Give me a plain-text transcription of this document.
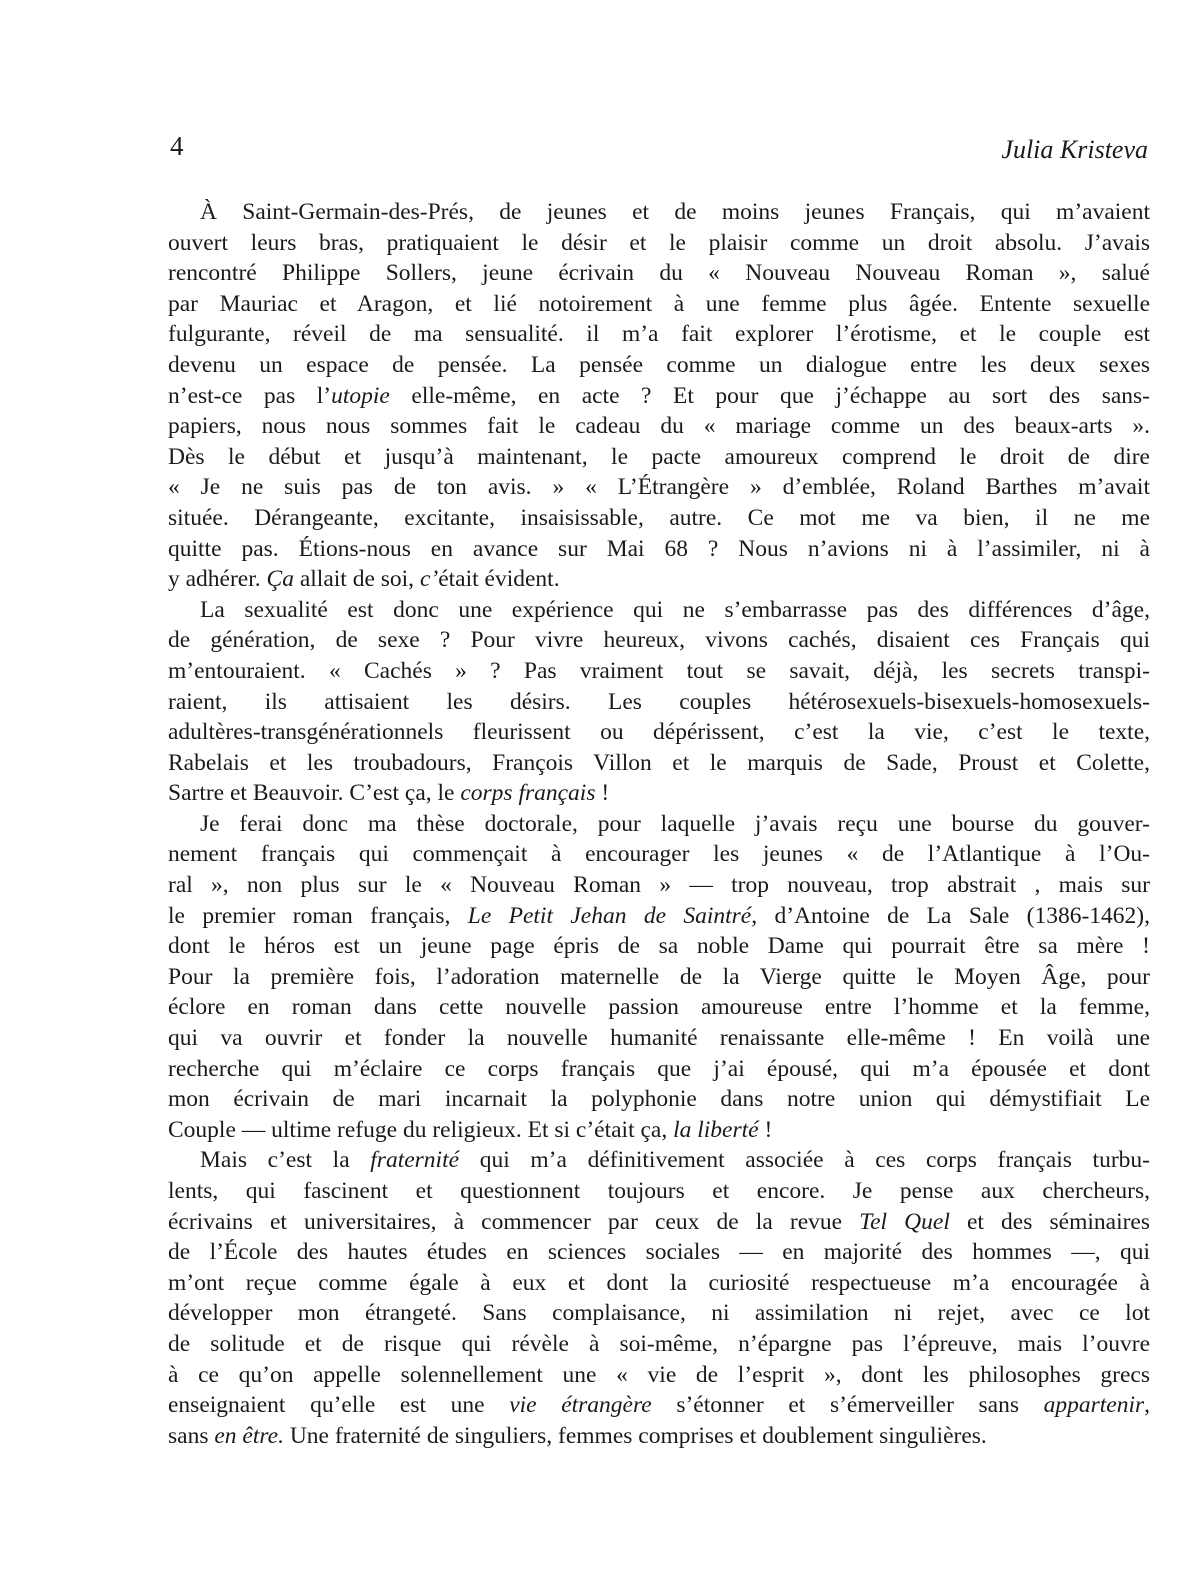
4	Julia Kristeva
À Saint-Germain-des-Prés, de jeunes et de moins jeunes Français, qui m’avaient
ouvert leurs bras, pratiquaient le désir et le plaisir comme un droit absolu. J’avais
rencontré Philippe Sollers, jeune écrivain du « Nouveau Nouveau Roman », salué
par Mauriac et Aragon, et lié notoirement à une femme plus âgée. Entente sexuelle
fulgurante, réveil de ma sensualité. il m’a fait explorer l’érotisme, et le couple est
devenu un espace de pensée. La pensée comme un dialogue entre les deux sexes
n’est-ce pas l’utopie elle-même, en acte ? Et pour que j’échappe au sort des sans-
papiers, nous nous sommes fait le cadeau du « mariage comme un des beaux-arts ».
Dès le début et jusqu’à maintenant, le pacte amoureux comprend le droit de dire
« Je ne suis pas de ton avis. » « L’Étrangère » d’emblée, Roland Barthes m’avait
située. Dérangeante, excitante, insaisissable, autre. Ce mot me va bien, il ne me
quitte pas. Étions-nous en avance sur Mai 68 ? Nous n’avions ni à l’assimiler, ni à
y adhérer. Ça allait de soi, c’était évident.
La sexualité est donc une expérience qui ne s’embarrasse pas des différences d’âge,
de génération, de sexe ? Pour vivre heureux, vivons cachés, disaient ces Français qui
m’entouraient. « Cachés » ? Pas vraiment tout se savait, déjà, les secrets transpi-
raient, ils attisaient les désirs. Les couples hétérosexuels-bisexuels-homosexuels-
adultères-transgénérationnels fleurissent ou dépérissent, c’est la vie, c’est le texte,
Rabelais et les troubadours, François Villon et le marquis de Sade, Proust et Colette,
Sartre et Beauvoir. C’est ça, le corps français !
Je ferai donc ma thèse doctorale, pour laquelle j’avais reçu une bourse du gouver-
nement français qui commençait à encourager les jeunes « de l’Atlantique à l’Ou-
ral », non plus sur le « Nouveau Roman » — trop nouveau, trop abstrait , mais sur
le premier roman français, Le Petit Jehan de Saintré, d’Antoine de La Sale (1386-1462),
dont le héros est un jeune page épris de sa noble Dame qui pourrait être sa mère !
Pour la première fois, l’adoration maternelle de la Vierge quitte le Moyen Âge, pour
éclore en roman dans cette nouvelle passion amoureuse entre l’homme et la femme,
qui va ouvrir et fonder la nouvelle humanité renaissante elle-même ! En voilà une
recherche qui m’éclaire ce corps français que j’ai épousé, qui m’a épousée et dont
mon écrivain de mari incarnait la polyphonie dans notre union qui démystifiait Le
Couple — ultime refuge du religieux. Et si c’était ça, la liberté !
Mais c’est la fraternité qui m’a définitivement associée à ces corps français turbu-
lents, qui fascinent et questionnent toujours et encore. Je pense aux chercheurs,
écrivains et universitaires, à commencer par ceux de la revue Tel Quel et des séminaires
de l’École des hautes études en sciences sociales — en majorité des hommes —, qui
m’ont reçue comme égale à eux et dont la curiosité respectueuse m’a encouragée à
développer mon étrangeté. Sans complaisance, ni assimilation ni rejet, avec ce lot
de solitude et de risque qui révèle à soi-même, n’épargne pas l’épreuve, mais l’ouvre
à ce qu’on appelle solennellement une « vie de l’esprit », dont les philosophes grecs
enseignaient qu’elle est une vie étrangère s’étonner et s’émerveiller sans appartenir,
sans en être. Une fraternité de singuliers, femmes comprises et doublement singulières.
